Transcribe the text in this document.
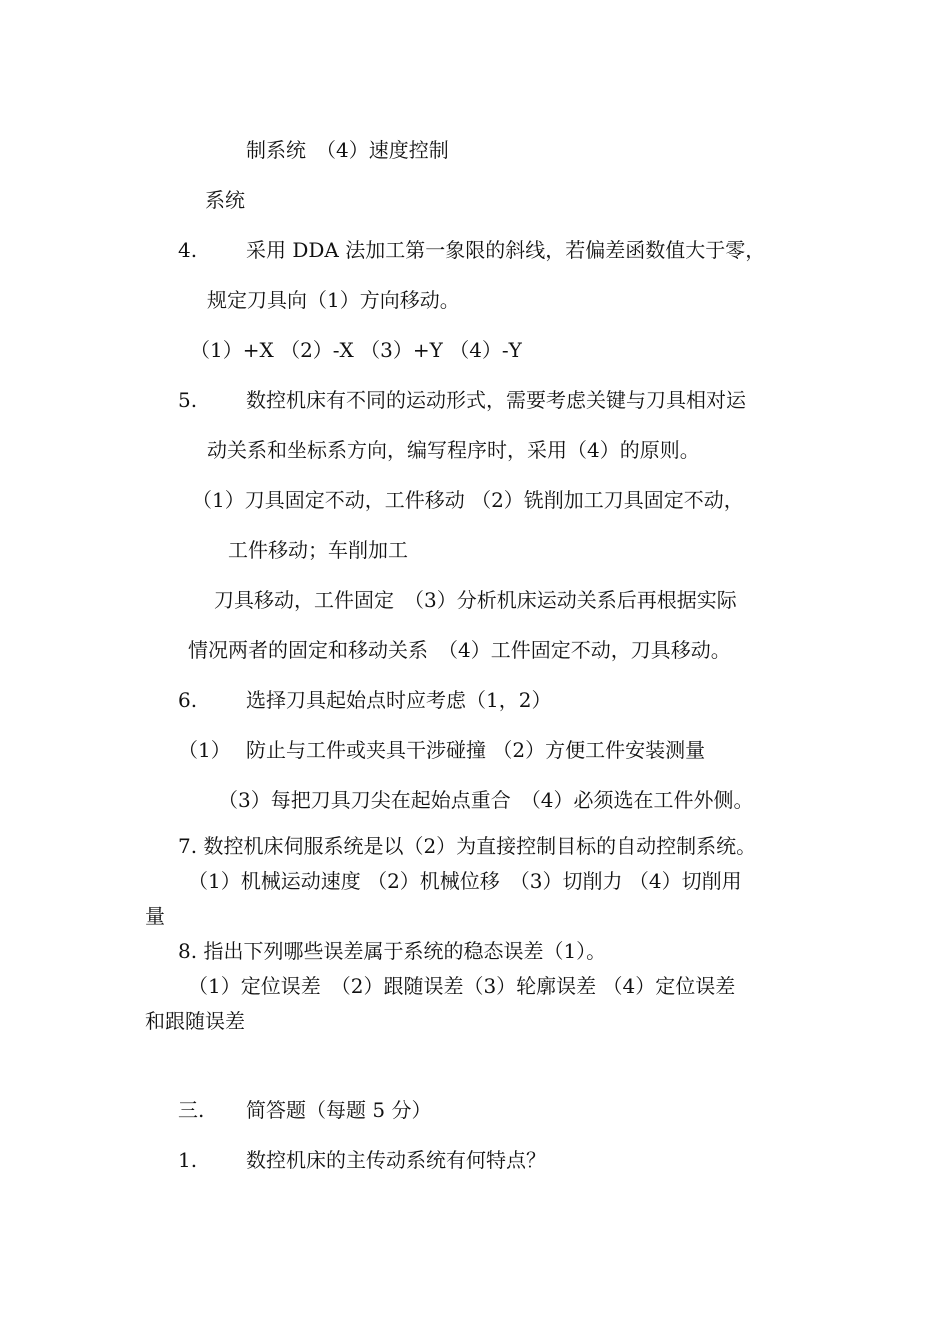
制系统　（4）速度控制
系统
4. 采用 DDA 法加工第一象限的斜线，若偏差函数值大于零，
规定刀具向（1）方向移动。
（1）+X （2）-X （3）+Y （4）-Y
5. 数控机床有不同的运动形式，需要考虑关键与刀具相对运
动关系和坐标系方向，编写程序时，采用（4）的原则。
（1）刀具固定不动，工件移动 （2）铣削加工刀具固定不动，
工件移动；车削加工
刀具移动，工件固定　（3）分析机床运动关系后再根据实际
情况两者的固定和移动关系　（4）工件固定不动，刀具移动。
6. 选择刀具起始点时应考虑（1，2）
（1） 防止与工件或夹具干涉碰撞 （2）方便工件安装测量
（3）每把刀具刀尖在起始点重合　（4）必须选在工件外侧。
7. 数控机床伺服系统是以（2）为直接控制目标的自动控制系统。
（1）机械运动速度 （2）机械位移　（3）切削力 （4）切削用
量
8. 指出下列哪些误差属于系统的稳态误差（1）。
（1）定位误差　（2）跟随误差（3）轮廓误差 （4）定位误差
和跟随误差
三. 简答题（每题 5 分）
1. 数控机床的主传动系统有何特点？
